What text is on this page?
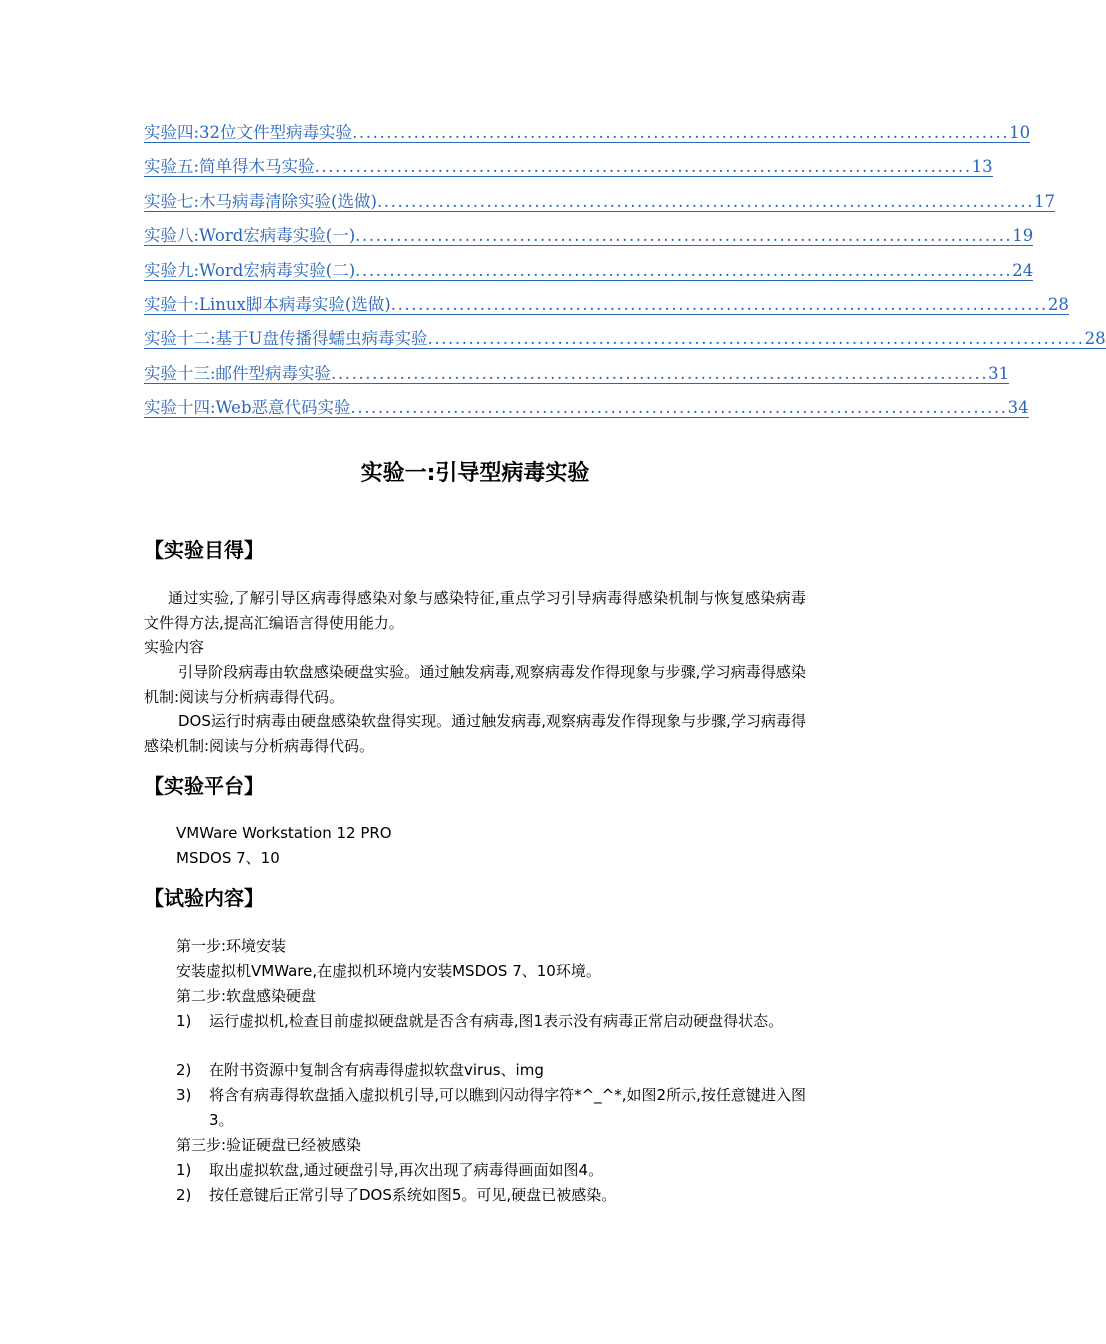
实验四:32位文件型病毒实验 ................................................................................................ 10
实验五:简单得木马实验 ................................................................................................ 13
实验七:木马病毒清除实验(选做) ................................................................................................ 17
实验八:Word宏病毒实验(一) ................................................................................................ 19
实验九:Word宏病毒实验(二) ................................................................................................ 24
实验十:Linux脚本病毒实验(选做) ................................................................................................ 28
实验十二:基于U盘传播得蠕虫病毒实验 ................................................................................................ 28
实验十三:邮件型病毒实验 ................................................................................................ 31
实验十四:Web恶意代码实验 ................................................................................................ 34
实验一:引导型病毒实验
【实验目得】

通过实验,了解引导区病毒得感染对象与感染特征,重点学习引导病毒得感染机制与恢复感染病毒文件得方法,提高汇编语言得使用能力。

实验内容

引导阶段病毒由软盘感染硬盘实验。通过触发病毒,观察病毒发作得现象与步骤,学习病毒得感染机制:阅读与分析病毒得代码。

DOS运行时病毒由硬盘感染软盘得实现。通过触发病毒,观察病毒发作得现象与步骤,学习病毒得感染机制:阅读与分析病毒得代码。

【实验平台】

VMWare Workstation 12 PRO

MSDOS 7、10

【试验内容】

第一步:环境安装

安装虚拟机VMWare,在虚拟机环境内安装MSDOS 7、10环境。

第二步:软盘感染硬盘

1) 运行虚拟机,检查目前虚拟硬盘就是否含有病毒,图1表示没有病毒正常启动硬盘得状态。

2) 在附书资源中复制含有病毒得虚拟软盘virus、img

3) 将含有病毒得软盘插入虚拟机引导,可以瞧到闪动得字符*^_^*,如图2所示,按任意键进入图3。

第三步:验证硬盘已经被感染

1) 取出虚拟软盘,通过硬盘引导,再次出现了病毒得画面如图4。

2) 按任意键后正常引导了DOS系统如图5。可见,硬盘已被感染。
